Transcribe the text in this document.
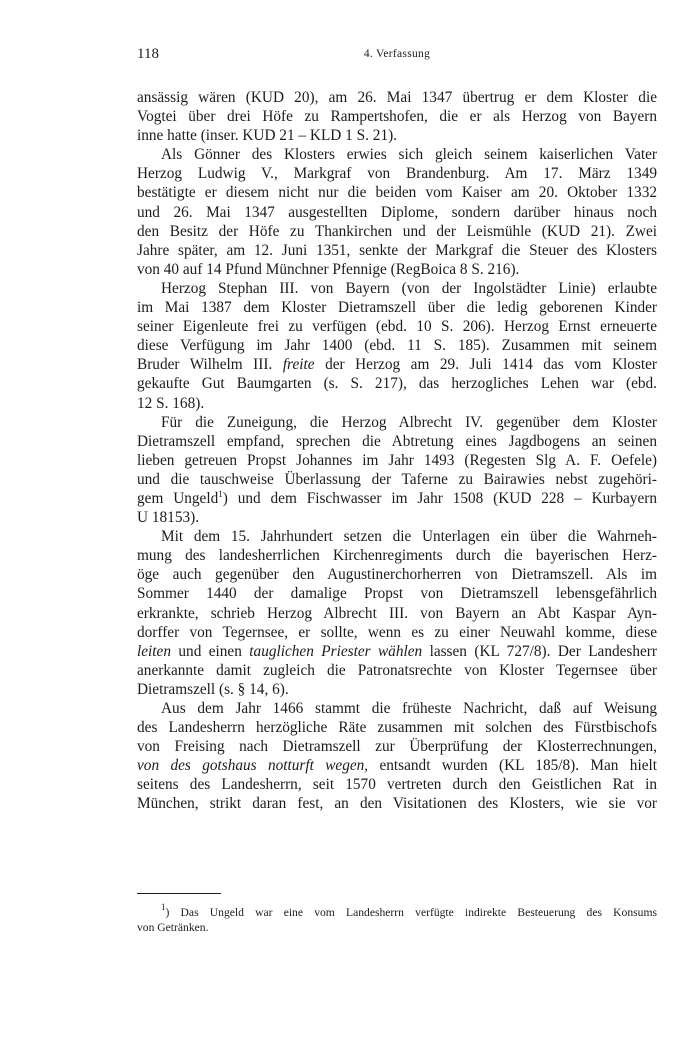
118	4. Verfassung
ansässig wären (KUD 20), am 26. Mai 1347 übertrug er dem Kloster die
Vogtei über drei Höfe zu Rampertshofen, die er als Herzog von Bayern
inne hatte (inser. KUD 21 – KLD 1 S. 21).
Als Gönner des Klosters erwies sich gleich seinem kaiserlichen Vater
Herzog Ludwig V., Markgraf von Brandenburg. Am 17. März 1349
bestätigte er diesem nicht nur die beiden vom Kaiser am 20. Oktober 1332
und 26. Mai 1347 ausgestellten Diplome, sondern darüber hinaus noch
den Besitz der Höfe zu Thankirchen und der Leismühle (KUD 21). Zwei
Jahre später, am 12. Juni 1351, senkte der Markgraf die Steuer des Klosters
von 40 auf 14 Pfund Münchner Pfennige (RegBoica 8 S. 216).
Herzog Stephan III. von Bayern (von der Ingolstädter Linie) erlaubte
im Mai 1387 dem Kloster Dietramszell über die ledig geborenen Kinder
seiner Eigenleute frei zu verfügen (ebd. 10 S. 206). Herzog Ernst erneuerte
diese Verfügung im Jahr 1400 (ebd. 11 S. 185). Zusammen mit seinem
Bruder Wilhelm III. freite der Herzog am 29. Juli 1414 das vom Kloster
gekaufte Gut Baumgarten (s. S. 217), das herzogliches Lehen war (ebd.
12 S. 168).
Für die Zuneigung, die Herzog Albrecht IV. gegenüber dem Kloster
Dietramszell empfand, sprechen die Abtretung eines Jagdbogens an seinen
lieben getreuen Propst Johannes im Jahr 1493 (Regesten Slg A. F. Oefele)
und die tauschweise Überlassung der Taferne zu Bairawies nebst zugehöri-
gem Ungeld$^1$) und dem Fischwasser im Jahr 1508 (KUD 228 – Kurbayern
U 18153).
Mit dem 15. Jahrhundert setzen die Unterlagen ein über die Wahrneh-
mung des landesherrlichen Kirchenregiments durch die bayerischen Herz-
öge auch gegenüber den Augustinerchorherren von Dietramszell. Als im
Sommer 1440 der damalige Propst von Dietramszell lebensgefährlich
erkrankte, schrieb Herzog Albrecht III. von Bayern an Abt Kaspar Ayn-
dorffer von Tegernsee, er sollte, wenn es zu einer Neuwahl komme, diese
leiten und einen tauglichen Priester wählen lassen (KL 727/8). Der Landesherr
anerkannte damit zugleich die Patronatsrechte von Kloster Tegernsee über
Dietramszell (s. § 14, 6).
Aus dem Jahr 1466 stammt die früheste Nachricht, daß auf Weisung
des Landesherrn herzögliche Räte zusammen mit solchen des Fürstbischofs
von Freising nach Dietramszell zur Überprüfung der Klosterrechnungen,
von des gotshaus notturft wegen, entsandt wurden (KL 185/8). Man hielt
seitens des Landesherrn, seit 1570 vertreten durch den Geistlichen Rat in
München, strikt daran fest, an den Visitationen des Klosters, wie sie vor
$^1$) Das Ungeld war eine vom Landesherrn verfügte indirekte Besteuerung des Konsums
von Getränken.
